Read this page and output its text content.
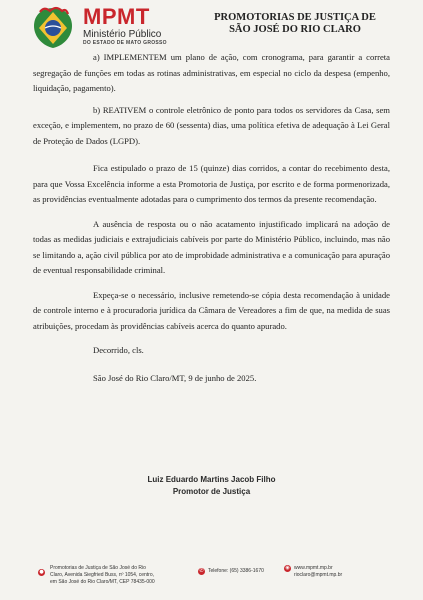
MPMT
Ministério Público
DO ESTADO DE MATO GROSSO
PROMOTORIAS DE JUSTIÇA DE
SÃO JOSÉ DO RIO CLARO

a) IMPLEMENTEM um plano de ação, com cronograma, para garantir a correta segregação de funções em todas as rotinas administrativas, em especial no ciclo da despesa (empenho, liquidação, pagamento).

b) REATIVEM o controle eletrônico de ponto para todos os servidores da Casa, sem exceção, e implementem, no prazo de 60 (sessenta) dias, uma política efetiva de adequação à Lei Geral de Proteção de Dados (LGPD).

Fica estipulado o prazo de 15 (quinze) dias corridos, a contar do recebimento desta, para que Vossa Excelência informe a esta Promotoria de Justiça, por escrito e de forma pormenorizada, as providências eventualmente adotadas para o cumprimento dos termos da presente recomendação.

A ausência de resposta ou o não acatamento injustificado implicará na adoção de todas as medidas judiciais e extrajudiciais cabíveis por parte do Ministério Público, incluindo, mas não se limitando a, ação civil pública por ato de improbidade administrativa e a comunicação para apuração de eventual responsabilidade criminal.

Expeça-se o necessário, inclusive remetendo-se cópia desta recomendação à unidade de controle interno e à procuradoria jurídica da Câmara de Vereadores a fim de que, na medida de suas atribuições, procedam às providências cabíveis acerca do quanto apurado.

Decorrido, cls.

São José do Rio Claro/MT, 9 de junho de 2025.

Luiz Eduardo Martins Jacob Filho
Promotor de Justiça
●
Promotorias de Justiça de São José do Rio Claro, Avenida Siegfried Buss, nº 1054, centro, em São José do Rio Claro/MT, CEP 78435-000
✆ Telefone: (65) 3386-1670	◉ www.mpmt.mp.br
rioclaro@mpmt.mp.br
